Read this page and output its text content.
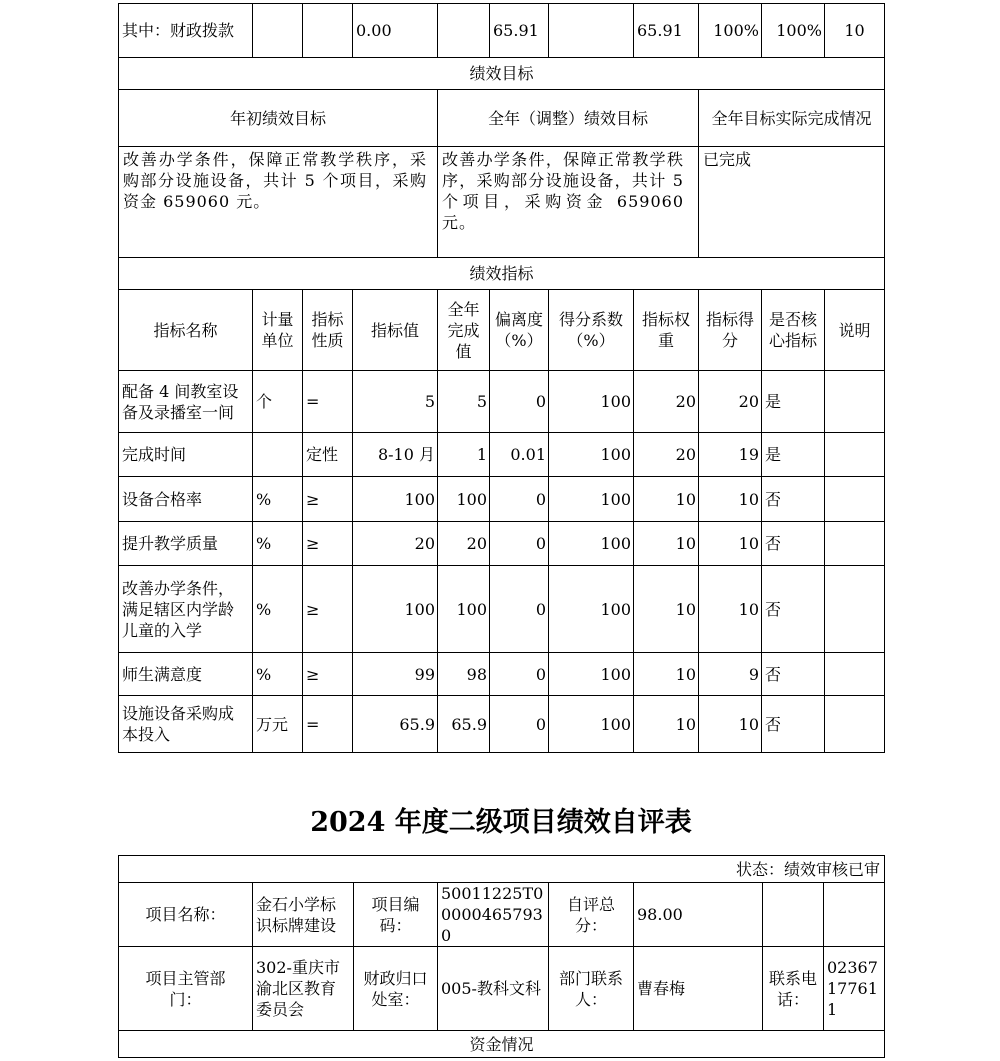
其中：财政拨款			0.00		65.91		65.91	100%	100%	10
绩效目标										
年初绩效目标				全年（调整）绩效目标				全年目标实际完成情况		
改善办学条件，保障正常教学秩序，采购部分设施设备，共计 5 个项目，采购资金 659060 元。				改善办学条件，保障正常教学秩序，采购部分设施设备，共计 5 个项目，采购资金 659060 元。				已完成		
绩效指标										
指标名称	计量单位	指标性质	指标值	全年完成值	偏离度（%）	得分系数（%）	指标权重	指标得分	是否核心指标	说明
配备 4 间教室设备及录播室一间	个	=	5	5	0	100	20	20	是	
完成时间		定性	8-10 月	1	0.01	100	20	19	是	
设备合格率	%	≥	100	100	0	100	10	10	否	
提升教学质量	%	≥	20	20	0	100	10	10	否	
改善办学条件，满足辖区内学龄儿童的入学	%	≥	100	100	0	100	10	10	否	
师生满意度	%	≥	99	98	0	100	10	9	否	
设施设备采购成本投入	万元	=	65.9	65.9	0	100	10	10	否	
2024 年度二级项目绩效自评表
状态：绩效审核已审							
项目名称：	金石小学标识标牌建设	项目编码：	50011225T000004657930	自评总分：	98.00		
项目主管部门：	302-重庆市渝北区教育委员会	财政归口处室：	005-教科文科	部门联系人：	曹春梅	联系电话：	02367177611
资金情况							
